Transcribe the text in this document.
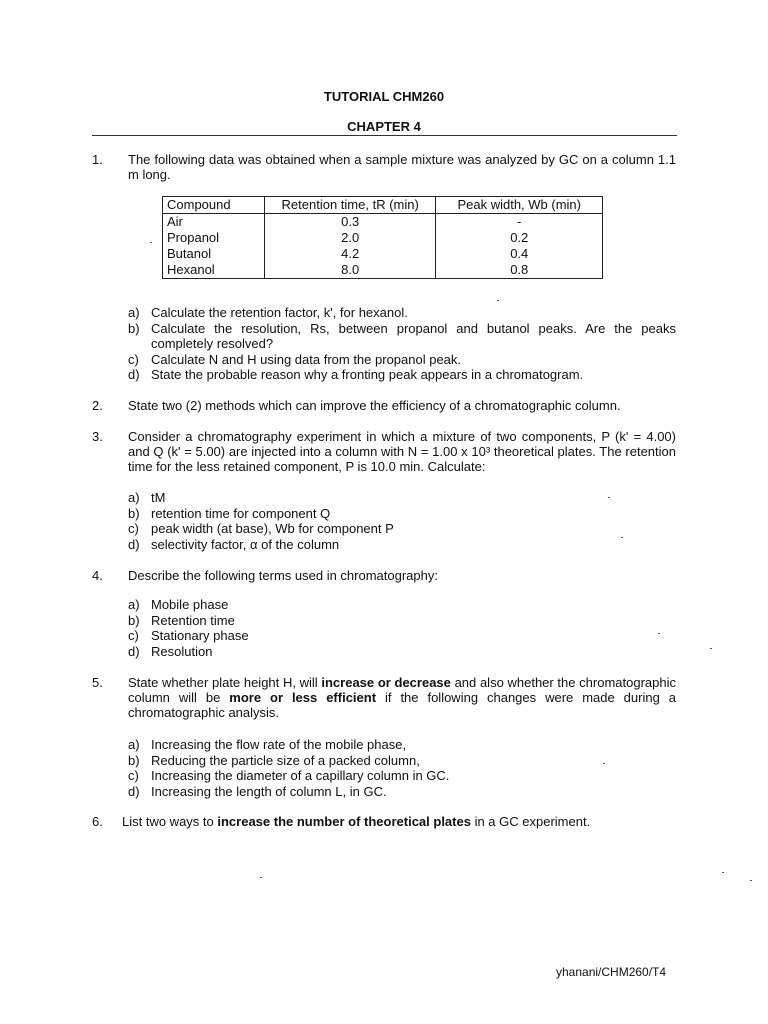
TUTORIAL CHM260
CHAPTER 4
1. The following data was obtained when a sample mixture was analyzed by GC on a column 1.1 m long.
Compound	Retention time, tR (min)	Peak width, Wb (min)
Air	0.3	-
Propanol	2.0	0.2
Butanol	4.2	0.4
Hexanol	8.0	0.8
a) Calculate the retention factor, k', for hexanol.
b) Calculate the resolution, Rs, between propanol and butanol peaks. Are the peaks completely resolved?
c) Calculate N and H using data from the propanol peak.
d) State the probable reason why a fronting peak appears in a chromatogram.
2. State two (2) methods which can improve the efficiency of a chromatographic column.
3. Consider a chromatography experiment in which a mixture of two components, P (k' = 4.00) and Q (k' = 5.00) are injected into a column with N = 1.00 x 10³ theoretical plates. The retention time for the less retained component, P is 10.0 min. Calculate:
a) tM
b) retention time for component Q
c) peak width (at base), Wb for component P
d) selectivity factor, α of the column
4. Describe the following terms used in chromatography:
a) Mobile phase
b) Retention time
c) Stationary phase
d) Resolution
5. State whether plate height H, will increase or decrease and also whether the chromatographic column will be more or less efficient if the following changes were made during a chromatographic analysis.
a) Increasing the flow rate of the mobile phase,
b) Reducing the particle size of a packed column,
c) Increasing the diameter of a capillary column in GC.
d) Increasing the length of column L, in GC.
6. List two ways to increase the number of theoretical plates in a GC experiment.
yhanani/CHM260/T4
